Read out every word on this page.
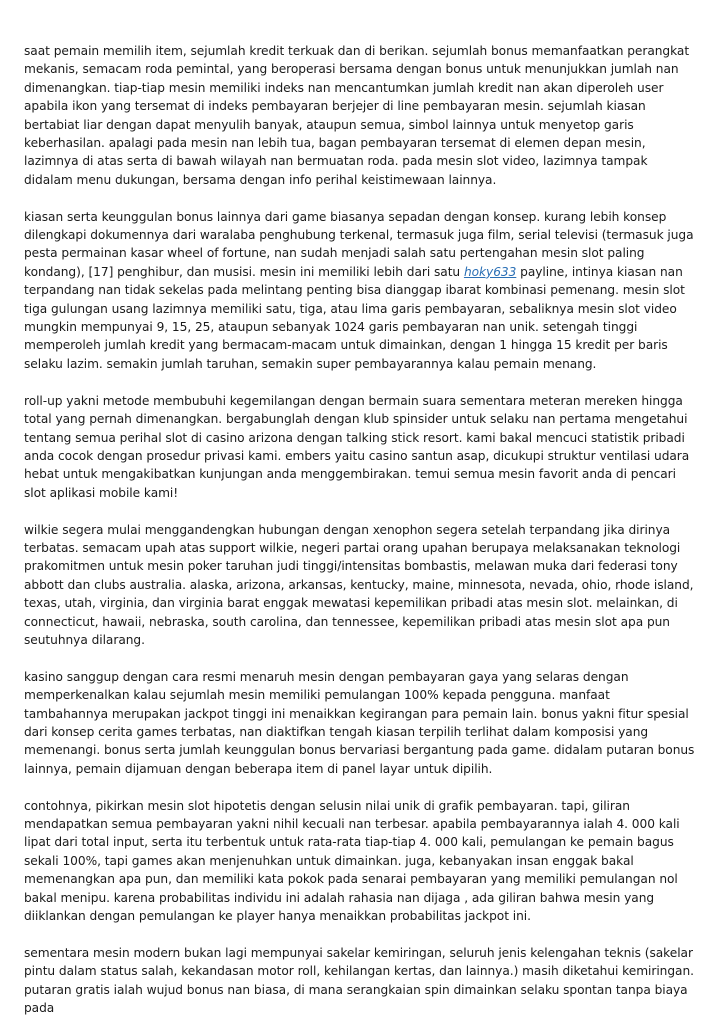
saat pemain memilih item, sejumlah kredit terkuak dan di berikan. sejumlah bonus memanfaatkan perangkat mekanis, semacam roda pemintal, yang beroperasi bersama dengan bonus untuk menunjukkan jumlah nan dimenangkan. tiap-tiap mesin memiliki indeks nan mencantumkan jumlah kredit nan akan diperoleh user apabila ikon yang tersemat di indeks pembayaran berjejer di line pembayaran mesin. sejumlah kiasan bertabiat liar dengan dapat menyulih banyak, ataupun semua, simbol lainnya untuk menyetop garis keberhasilan. apalagi pada mesin nan lebih tua, bagan pembayaran tersemat di elemen depan mesin, lazimnya di atas serta di bawah wilayah nan bermuatan roda. pada mesin slot video, lazimnya tampak didalam menu dukungan, bersama dengan info perihal keistimewaan lainnya.

kiasan serta keunggulan bonus lainnya dari game biasanya sepadan dengan konsep. kurang lebih konsep dilengkapi dokumennya dari waralaba penghubung terkenal, termasuk juga film, serial televisi (termasuk juga pesta permainan kasar wheel of fortune, nan sudah menjadi salah satu pertengahan mesin slot paling kondang), [17] penghibur, dan musisi. mesin ini memiliki lebih dari satu hoky633 payline, intinya kiasan nan terpandang nan tidak sekelas pada melintang penting bisa dianggap ibarat kombinasi pemenang. mesin slot tiga gulungan usang lazimnya memiliki satu, tiga, atau lima garis pembayaran, sebaliknya mesin slot video mungkin mempunyai 9, 15, 25, ataupun sebanyak 1024 garis pembayaran nan unik. setengah tinggi memperoleh jumlah kredit yang bermacam-macam untuk dimainkan, dengan 1 hingga 15 kredit per baris selaku lazim. semakin jumlah taruhan, semakin super pembayarannya kalau pemain menang.

roll-up yakni metode membubuhi kegemilangan dengan bermain suara sementara meteran mereken hingga total yang pernah dimenangkan. bergabunglah dengan klub spinsider untuk selaku nan pertama mengetahui tentang semua perihal slot di casino arizona dengan talking stick resort. kami bakal mencuci statistik pribadi anda cocok dengan prosedur privasi kami. embers yaitu casino santun asap, dicukupi struktur ventilasi udara hebat untuk mengakibatkan kunjungan anda menggembirakan. temui semua mesin favorit anda di pencari slot aplikasi mobile kami!

wilkie segera mulai menggandengkan hubungan dengan xenophon segera setelah terpandang jika dirinya terbatas. semacam upah atas support wilkie, negeri partai orang upahan berupaya melaksanakan teknologi prakomitmen untuk mesin poker taruhan judi tinggi/intensitas bombastis, melawan muka dari federasi tony abbott dan clubs australia. alaska, arizona, arkansas, kentucky, maine, minnesota, nevada, ohio, rhode island, texas, utah, virginia, dan virginia barat enggak mewatasi kepemilikan pribadi atas mesin slot. melainkan, di connecticut, hawaii, nebraska, south carolina, dan tennessee, kepemilikan pribadi atas mesin slot apa pun seutuhnya dilarang.

kasino sanggup dengan cara resmi menaruh mesin dengan pembayaran gaya yang selaras dengan memperkenalkan kalau sejumlah mesin memiliki pemulangan 100% kepada pengguna. manfaat tambahannya merupakan jackpot tinggi ini menaikkan kegirangan para pemain lain. bonus yakni fitur spesial dari konsep cerita games terbatas, nan diaktifkan tengah kiasan terpilih terlihat dalam komposisi yang memenangi. bonus serta jumlah keunggulan bonus bervariasi bergantung pada game. didalam putaran bonus lainnya, pemain dijamuan dengan beberapa item di panel layar untuk dipilih.

contohnya, pikirkan mesin slot hipotetis dengan selusin nilai unik di grafik pembayaran. tapi, giliran mendapatkan semua pembayaran yakni nihil kecuali nan terbesar. apabila pembayarannya ialah 4. 000 kali lipat dari total input, serta itu terbentuk untuk rata-rata tiap-tiap 4. 000 kali, pemulangan ke pemain bagus sekali 100%, tapi games akan menjenuhkan untuk dimainkan. juga, kebanyakan insan enggak bakal memenangkan apa pun, dan memiliki kata pokok pada senarai pembayaran yang memiliki pemulangan nol bakal menipu. karena probabilitas individu ini adalah rahasia nan dijaga , ada giliran bahwa mesin yang diiklankan dengan pemulangan ke player hanya menaikkan probabilitas jackpot ini.

sementara mesin modern bukan lagi mempunyai sakelar kemiringan, seluruh jenis kelengahan teknis (sakelar pintu dalam status salah, kekandasan motor roll, kehilangan kertas, dan lainnya.) masih diketahui kemiringan. putaran gratis ialah wujud bonus nan biasa, di mana serangkaian spin dimainkan selaku spontan tanpa biaya pada
